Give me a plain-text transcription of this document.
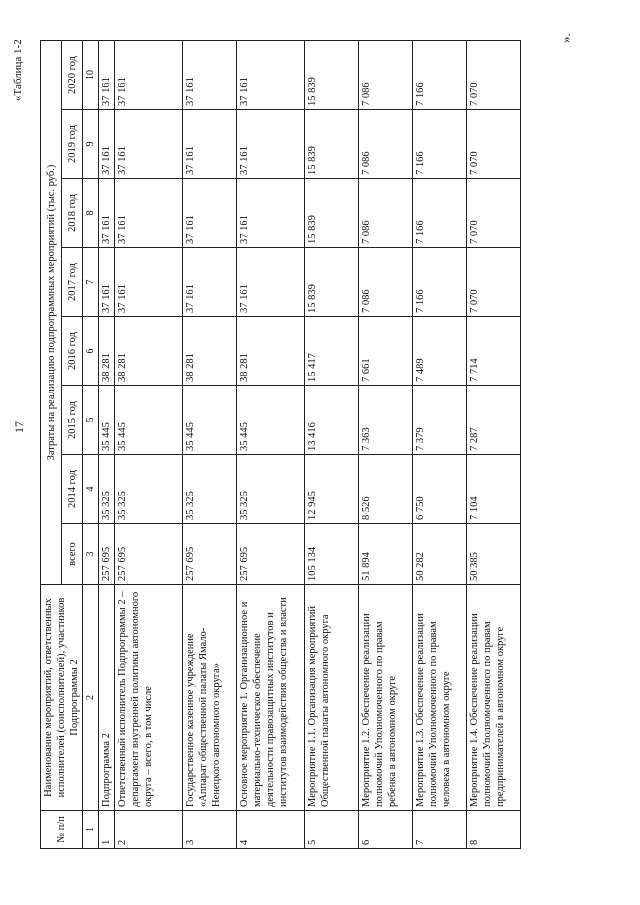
17
«Таблица 1-2
№ п/п	Наименование мероприятий, ответственных исполнителей (соисполнителей), участников Подпрограммы 2	Затраты на реализацию подпрограммных мероприятий (тыс. руб.)							
		всего	2014 год	2015 год	2016 год	2017 год	2018 год	2019 год	2020 год
1	2	3	4	5	6	7	8	9	10
1	Подпрограмма 2	257 695	35 325	35 445	38 281	37 161	37 161	37 161	37 161
2	Ответственный исполнитель Подпрограммы 2 – департамент внутренней политики автономного округа – всего, в том числе	257 695	35 325	35 445	38 281	37 161	37 161	37 161	37 161
3	Государственное казенное учреждение «Аппарат общественной палаты Ямало-Ненецкого автономного округа»	257 695	35 325	35 445	38 281	37 161	37 161	37 161	37 161
4	Основное мероприятие 1. Организационное и материально-техническое обеспечение деятельности правозащитных институтов и институтов взаимодействия общества и власти	257 695	35 325	35 445	38 281	37 161	37 161	37 161	37 161
5	Мероприятие 1.1. Организация мероприятий Общественной палаты автономного округа	105 134	12 945	13 416	15 417	15 839	15 839	15 839	15 839
6	Мероприятие 1.2. Обеспечение реализации полномочий Уполномоченного по правам ребенка в автономном округе	51 894	8 526	7 363	7 661	7 086	7 086	7 086	7 086
7	Мероприятие 1.3. Обеспечение реализации полномочий Уполномоченного по правам человека в автономном округе	50 282	6 750	7 379	7 489	7 166	7 166	7 166	7 166
8	Мероприятие 1.4. Обеспечение реализации полномочий Уполномоченного по правам предпринимателей в автономном округе	50 385	7 104	7 287	7 714	7 070	7 070	7 070	7 070
».
